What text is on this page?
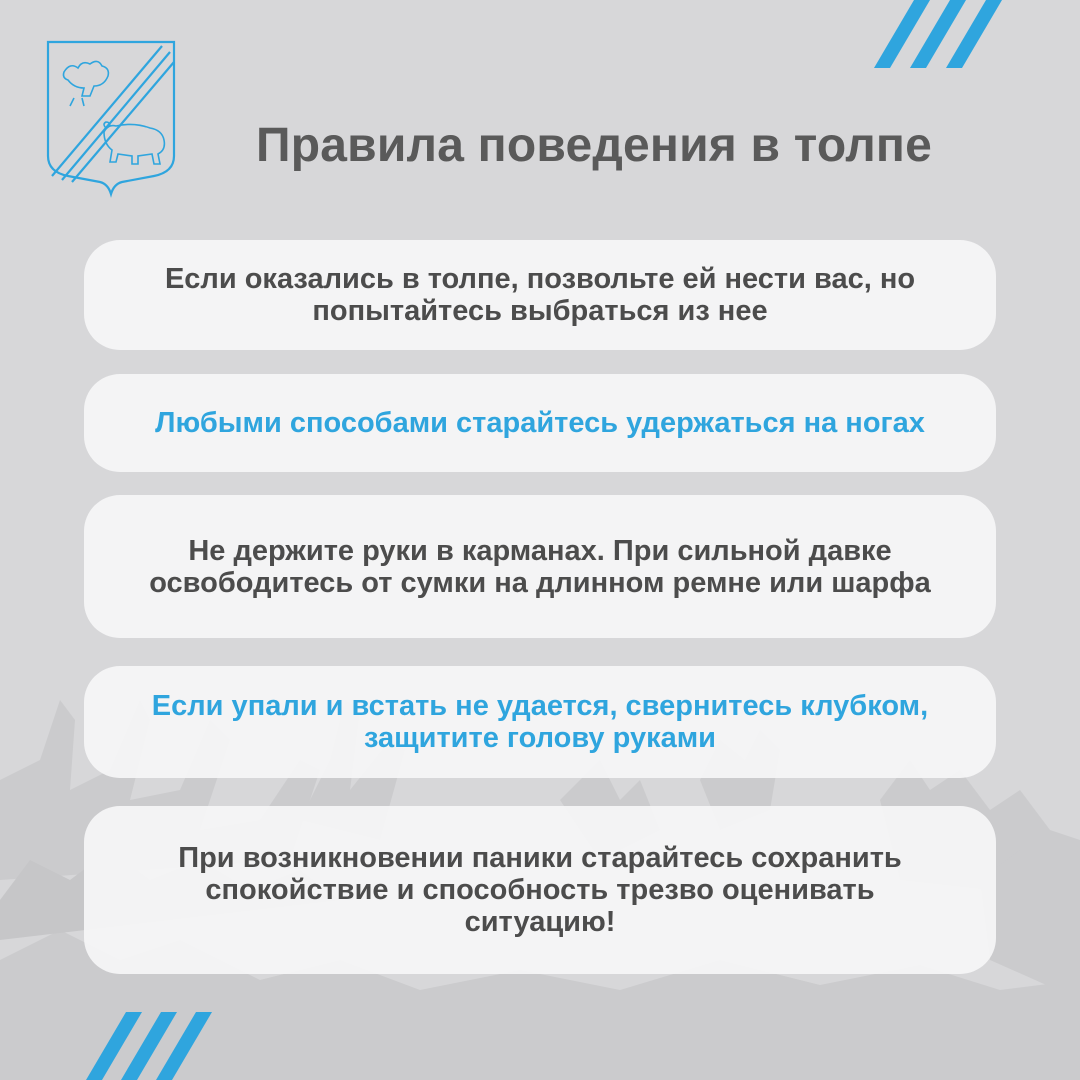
Правила поведения в толпе
Если оказались в толпе, позвольте ей нести вас, но попытайтесь выбраться из нее
Любыми способами старайтесь удержаться на ногах
Не держите руки в карманах. При сильной давке освободитесь от сумки на длинном ремне или шарфа
Если упали и встать не удается, свернитесь клубком, защитите голову руками
При возникновении паники старайтесь сохранить спокойствие и способность трезво оценивать ситуацию!
